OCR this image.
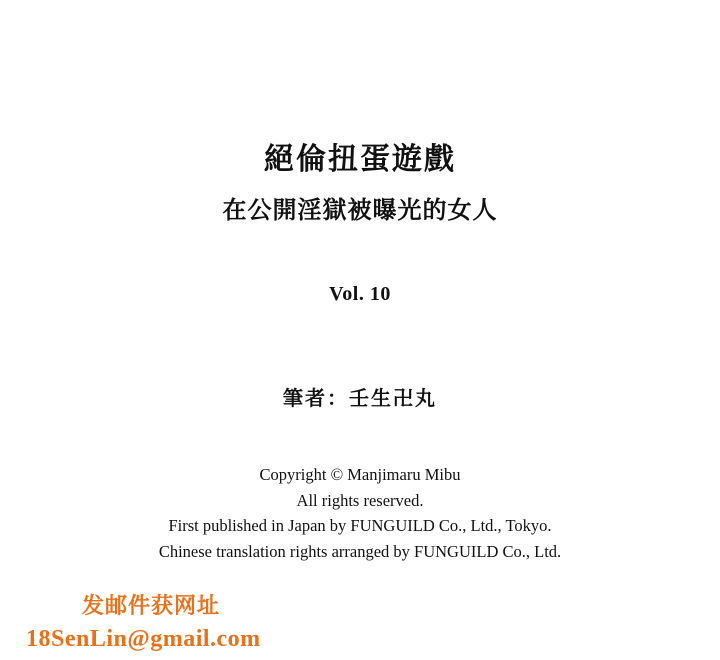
絕倫扭蛋遊戲
在公開淫獄被曝光的女人
Vol. 10
筆者：壬生卍丸
Copyright © Manjimaru Mibu
All rights reserved.
First published in Japan by FUNGUILD Co., Ltd., Tokyo.
Chinese translation rights arranged by FUNGUILD Co., Ltd.
发邮件获网址
18SenLin@gmail.com
